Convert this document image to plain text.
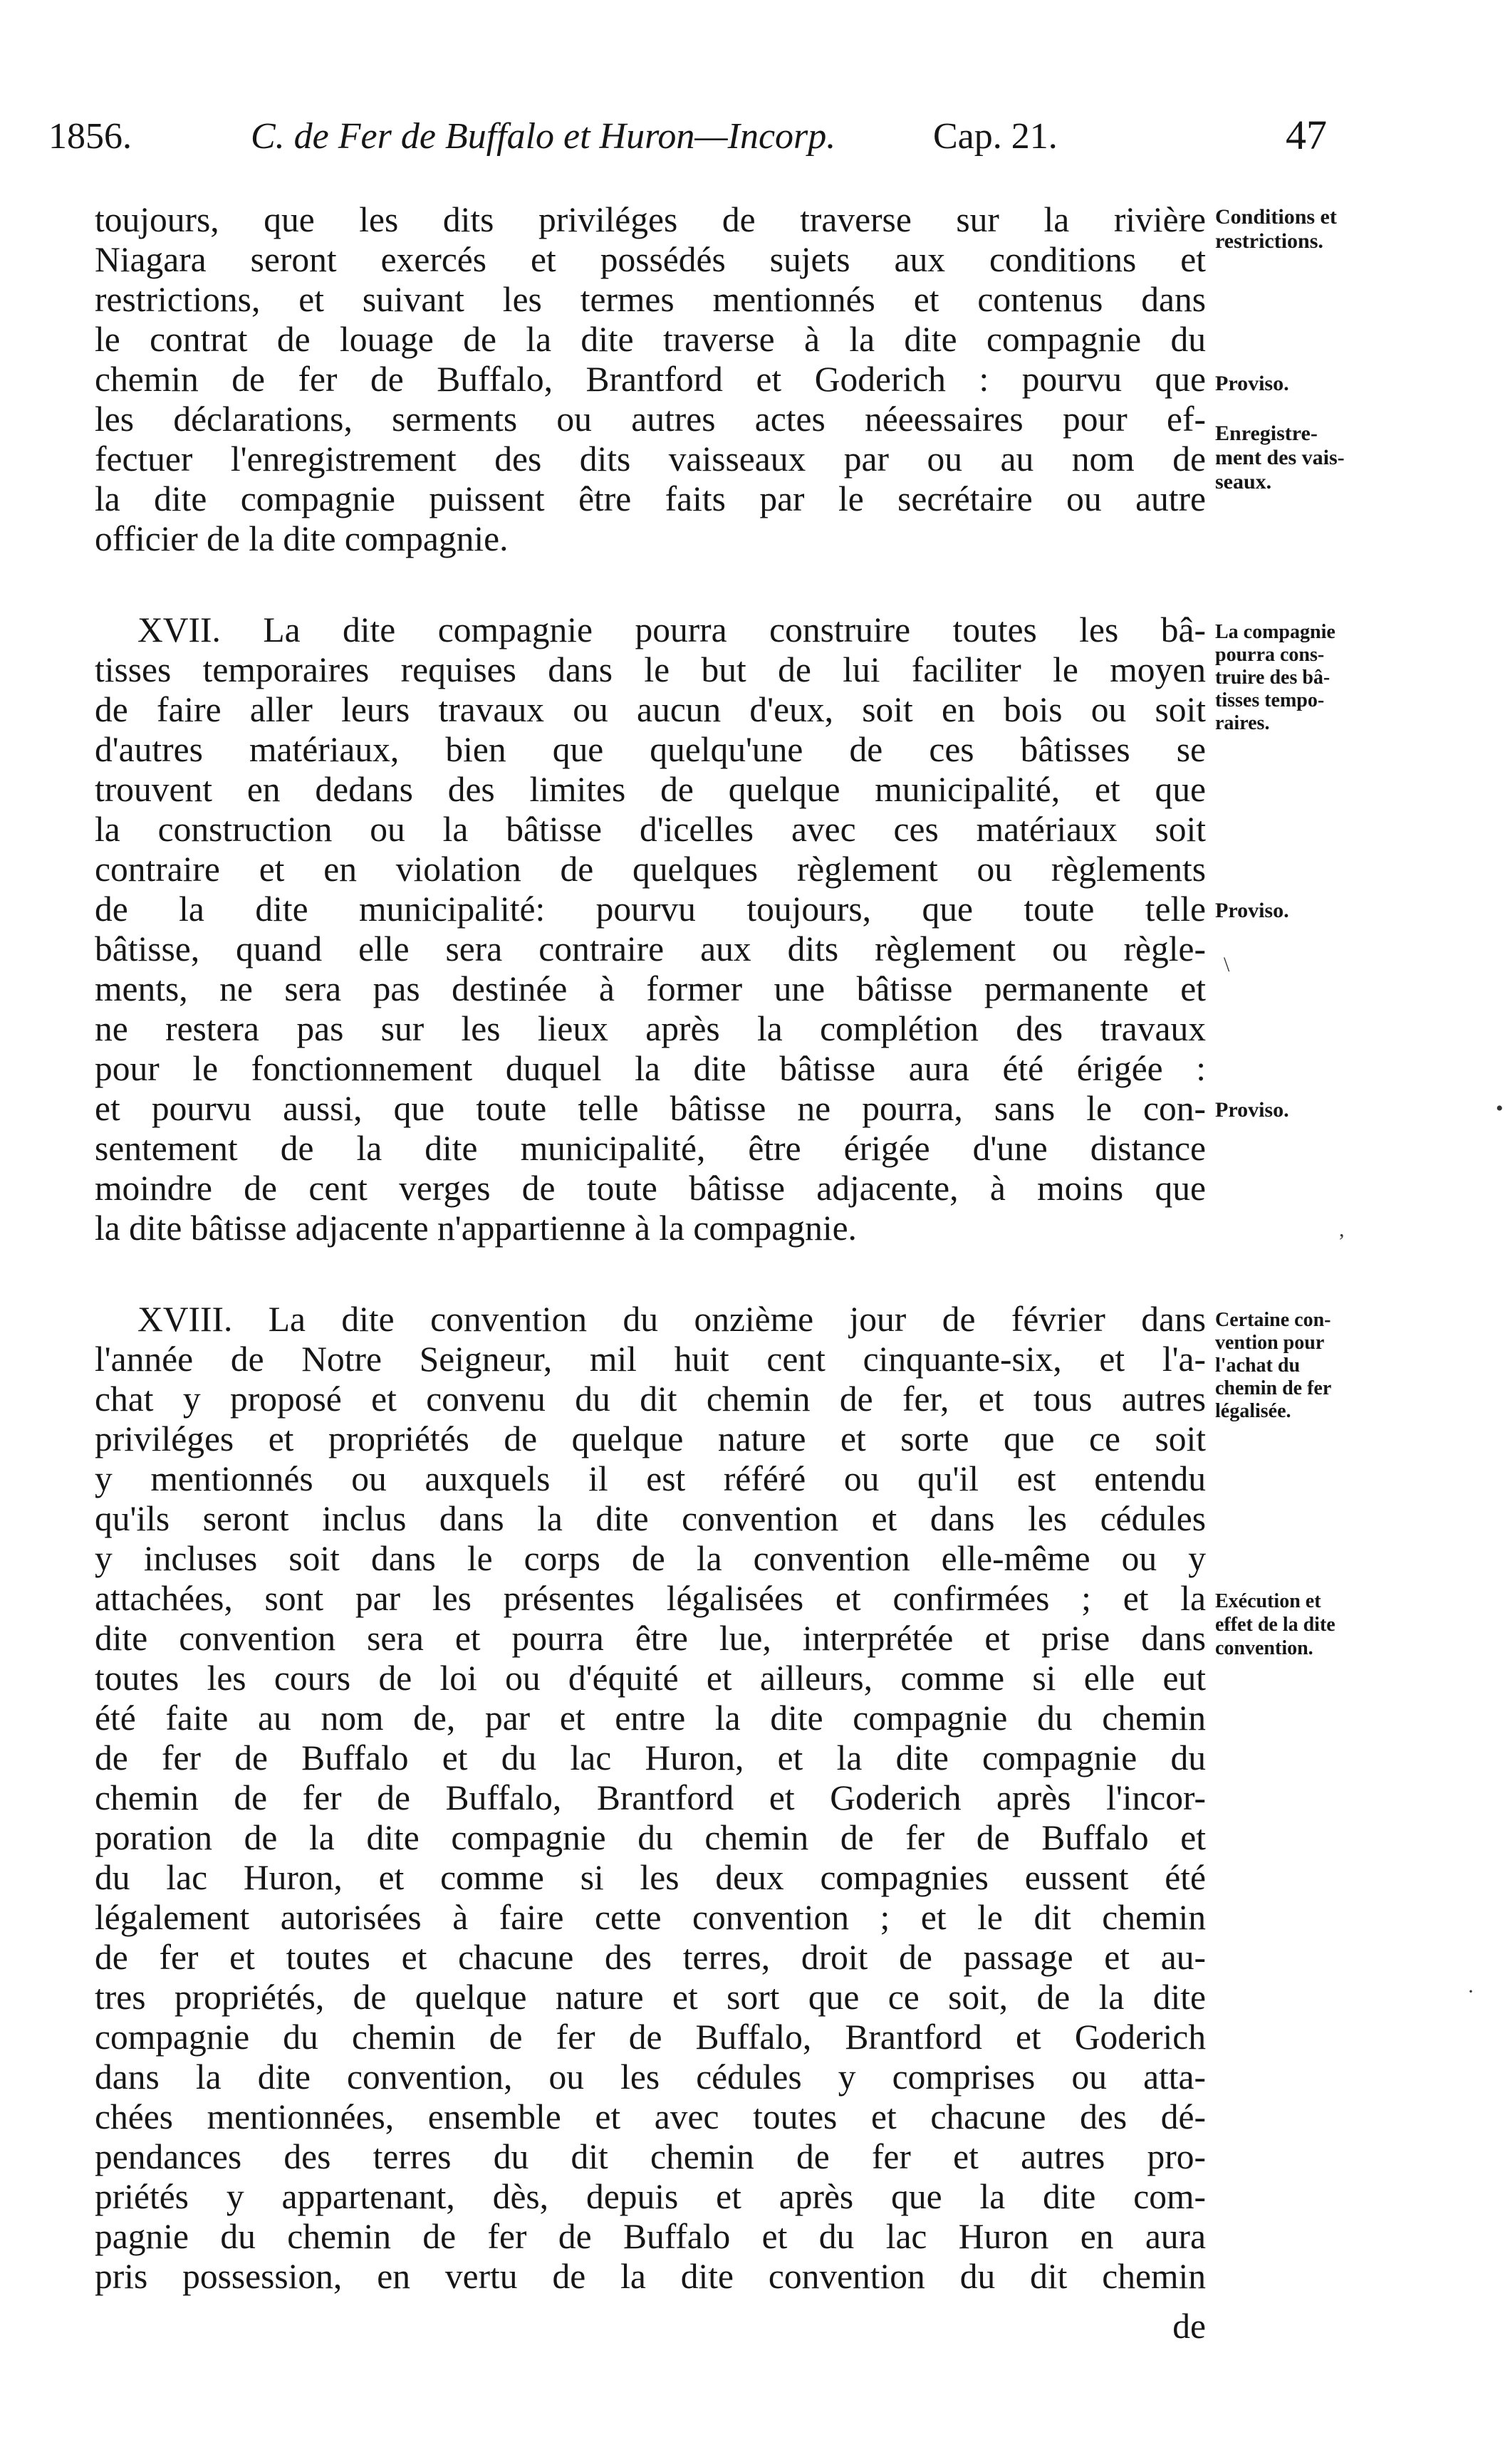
1856.	C. de Fer de Buffalo et Huron—Incorp.	Cap. 21.	47
toujours, que les dits priviléges de traverse sur la rivière
Niagara seront exercés et possédés sujets aux conditions et
restrictions, et suivant les termes mentionnés et contenus dans
le contrat de louage de la dite traverse à la dite compagnie du
chemin de fer de Buffalo, Brantford et Goderich : pourvu que
les déclarations, serments ou autres actes néeessaires pour ef-
fectuer l'enregistrement des dits vaisseaux par ou au nom de
la dite compagnie puissent être faits par le secrétaire ou autre
officier de la dite compagnie.
XVII. La dite compagnie pourra construire toutes les bâ-
tisses temporaires requises dans le but de lui faciliter le moyen
de faire aller leurs travaux ou aucun d'eux, soit en bois ou soit
d'autres matériaux, bien que quelqu'une de ces bâtisses se
trouvent en dedans des limites de quelque municipalité, et que
la construction ou la bâtisse d'icelles avec ces matériaux soit
contraire et en violation de quelques règlement ou règlements
de la dite municipalité: pourvu toujours, que toute telle
bâtisse, quand elle sera contraire aux dits règlement ou règle-
ments, ne sera pas destinée à former une bâtisse permanente et
ne restera pas sur les lieux après la complétion des travaux
pour le fonctionnement duquel la dite bâtisse aura été érigée :
et pourvu aussi, que toute telle bâtisse ne pourra, sans le con-
sentement de la dite municipalité, être érigée d'une distance
moindre de cent verges de toute bâtisse adjacente, à moins que
la dite bâtisse adjacente n'appartienne à la compagnie.
XVIII. La dite convention du onzième jour de février dans
l'année de Notre Seigneur, mil huit cent cinquante-six, et l'a-
chat y proposé et convenu du dit chemin de fer, et tous autres
priviléges et propriétés de quelque nature et sorte que ce soit
y mentionnés ou auxquels il est référé ou qu'il est entendu
qu'ils seront inclus dans la dite convention et dans les cédules
y incluses soit dans le corps de la convention elle-même ou y
attachées, sont par les présentes légalisées et confirmées ; et la
dite convention sera et pourra être lue, interprétée et prise dans
toutes les cours de loi ou d'équité et ailleurs, comme si elle eut
été faite au nom de, par et entre la dite compagnie du chemin
de fer de Buffalo et du lac Huron, et la dite compagnie du
chemin de fer de Buffalo, Brantford et Goderich après l'incor-
poration de la dite compagnie du chemin de fer de Buffalo et
du lac Huron, et comme si les deux compagnies eussent été
légalement autorisées à faire cette convention ; et le dit chemin
de fer et toutes et chacune des terres, droit de passage et au-
tres propriétés, de quelque nature et sort que ce soit, de la dite
compagnie du chemin de fer de Buffalo, Brantford et Goderich
dans la dite convention, ou les cédules y comprises ou atta-
chées mentionnées, ensemble et avec toutes et chacune des dé-
pendances des terres du dit chemin de fer et autres pro-
priétés y appartenant, dès, depuis et après que la dite com-
pagnie du chemin de fer de Buffalo et du lac Huron en aura
pris possession, en vertu de la dite convention du dit chemin
de
Conditions et
restrictions.
Proviso.
Enregistre-
ment des vais-
seaux.
La compagnie
pourra cons-
truire des bâ-
tisses tempo-
raires.
Proviso.
Proviso.
Certaine con-
vention pour
l'achat du
chemin de fer
légalisée.
Exécution et
effet de la dite
convention.
\
•
,
·
